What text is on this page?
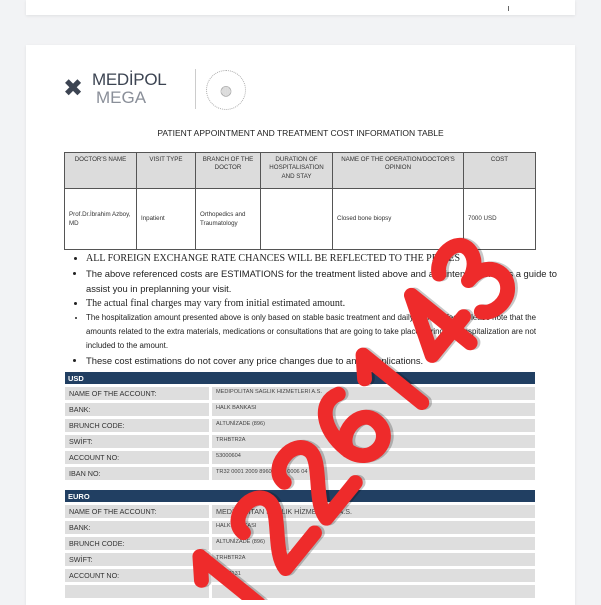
✖ MEDİPOL
MEGA	◍
PATIENT APPOINTMENT AND TREATMENT COST INFORMATION TABLE
DOCTOR'S NAME	VISIT TYPE	BRANCH OF THE DOCTOR	DURATION OF HOSPITALISATION AND STAY	NAME OF THE OPERATION/DOCTOR'S OPINION	COST
Prof.Dr.İbrahim Azboy, MD	Inpatient	Orthopedics and Traumatology		Closed bone biopsy	7000 USD
• ALL FOREIGN EXCHANGE RATE CHANCES WILL BE REFLECTED TO THE PRICES
• The above referenced costs are ESTIMATIONS for the treatment listed above and are intended only as a guide to assist you in preplanning your visit.
• The actual final charges may vary from initial estimated amount.
• The hospitalization amount presented above is only based on stable basic treatment and daily rooming fees. Please note that the amounts related to the extra materials, medications or consultations that are going to take place during the hospitalization are not included to the amount.
• These cost estimations do not cover any price changes due to any complications.
USD
NAME OF THE ACCOUNT:	MEDIPOLITAN SAGLIK HIZMETLERI A.S.
BANK:	HALK BANKASI
BRUNCH CODE:	ALTUNİZADE (896)
SWİFT:	TRHBTR2A
ACCOUNT NO:	53000604
IBAN NO:	TR32 0001 2009 8960 0053 0006 04
EURO
NAME OF THE ACCOUNT:	MEDİPOLİTAN SAĞLIK HİZMETLERİ A.S.
BANK:	HALK BANKASI
BRUNCH CODE:	ALTUNİZADE (896)
SWİFT:	TRHBTR2A
ACCOUNT NO:	58000131
